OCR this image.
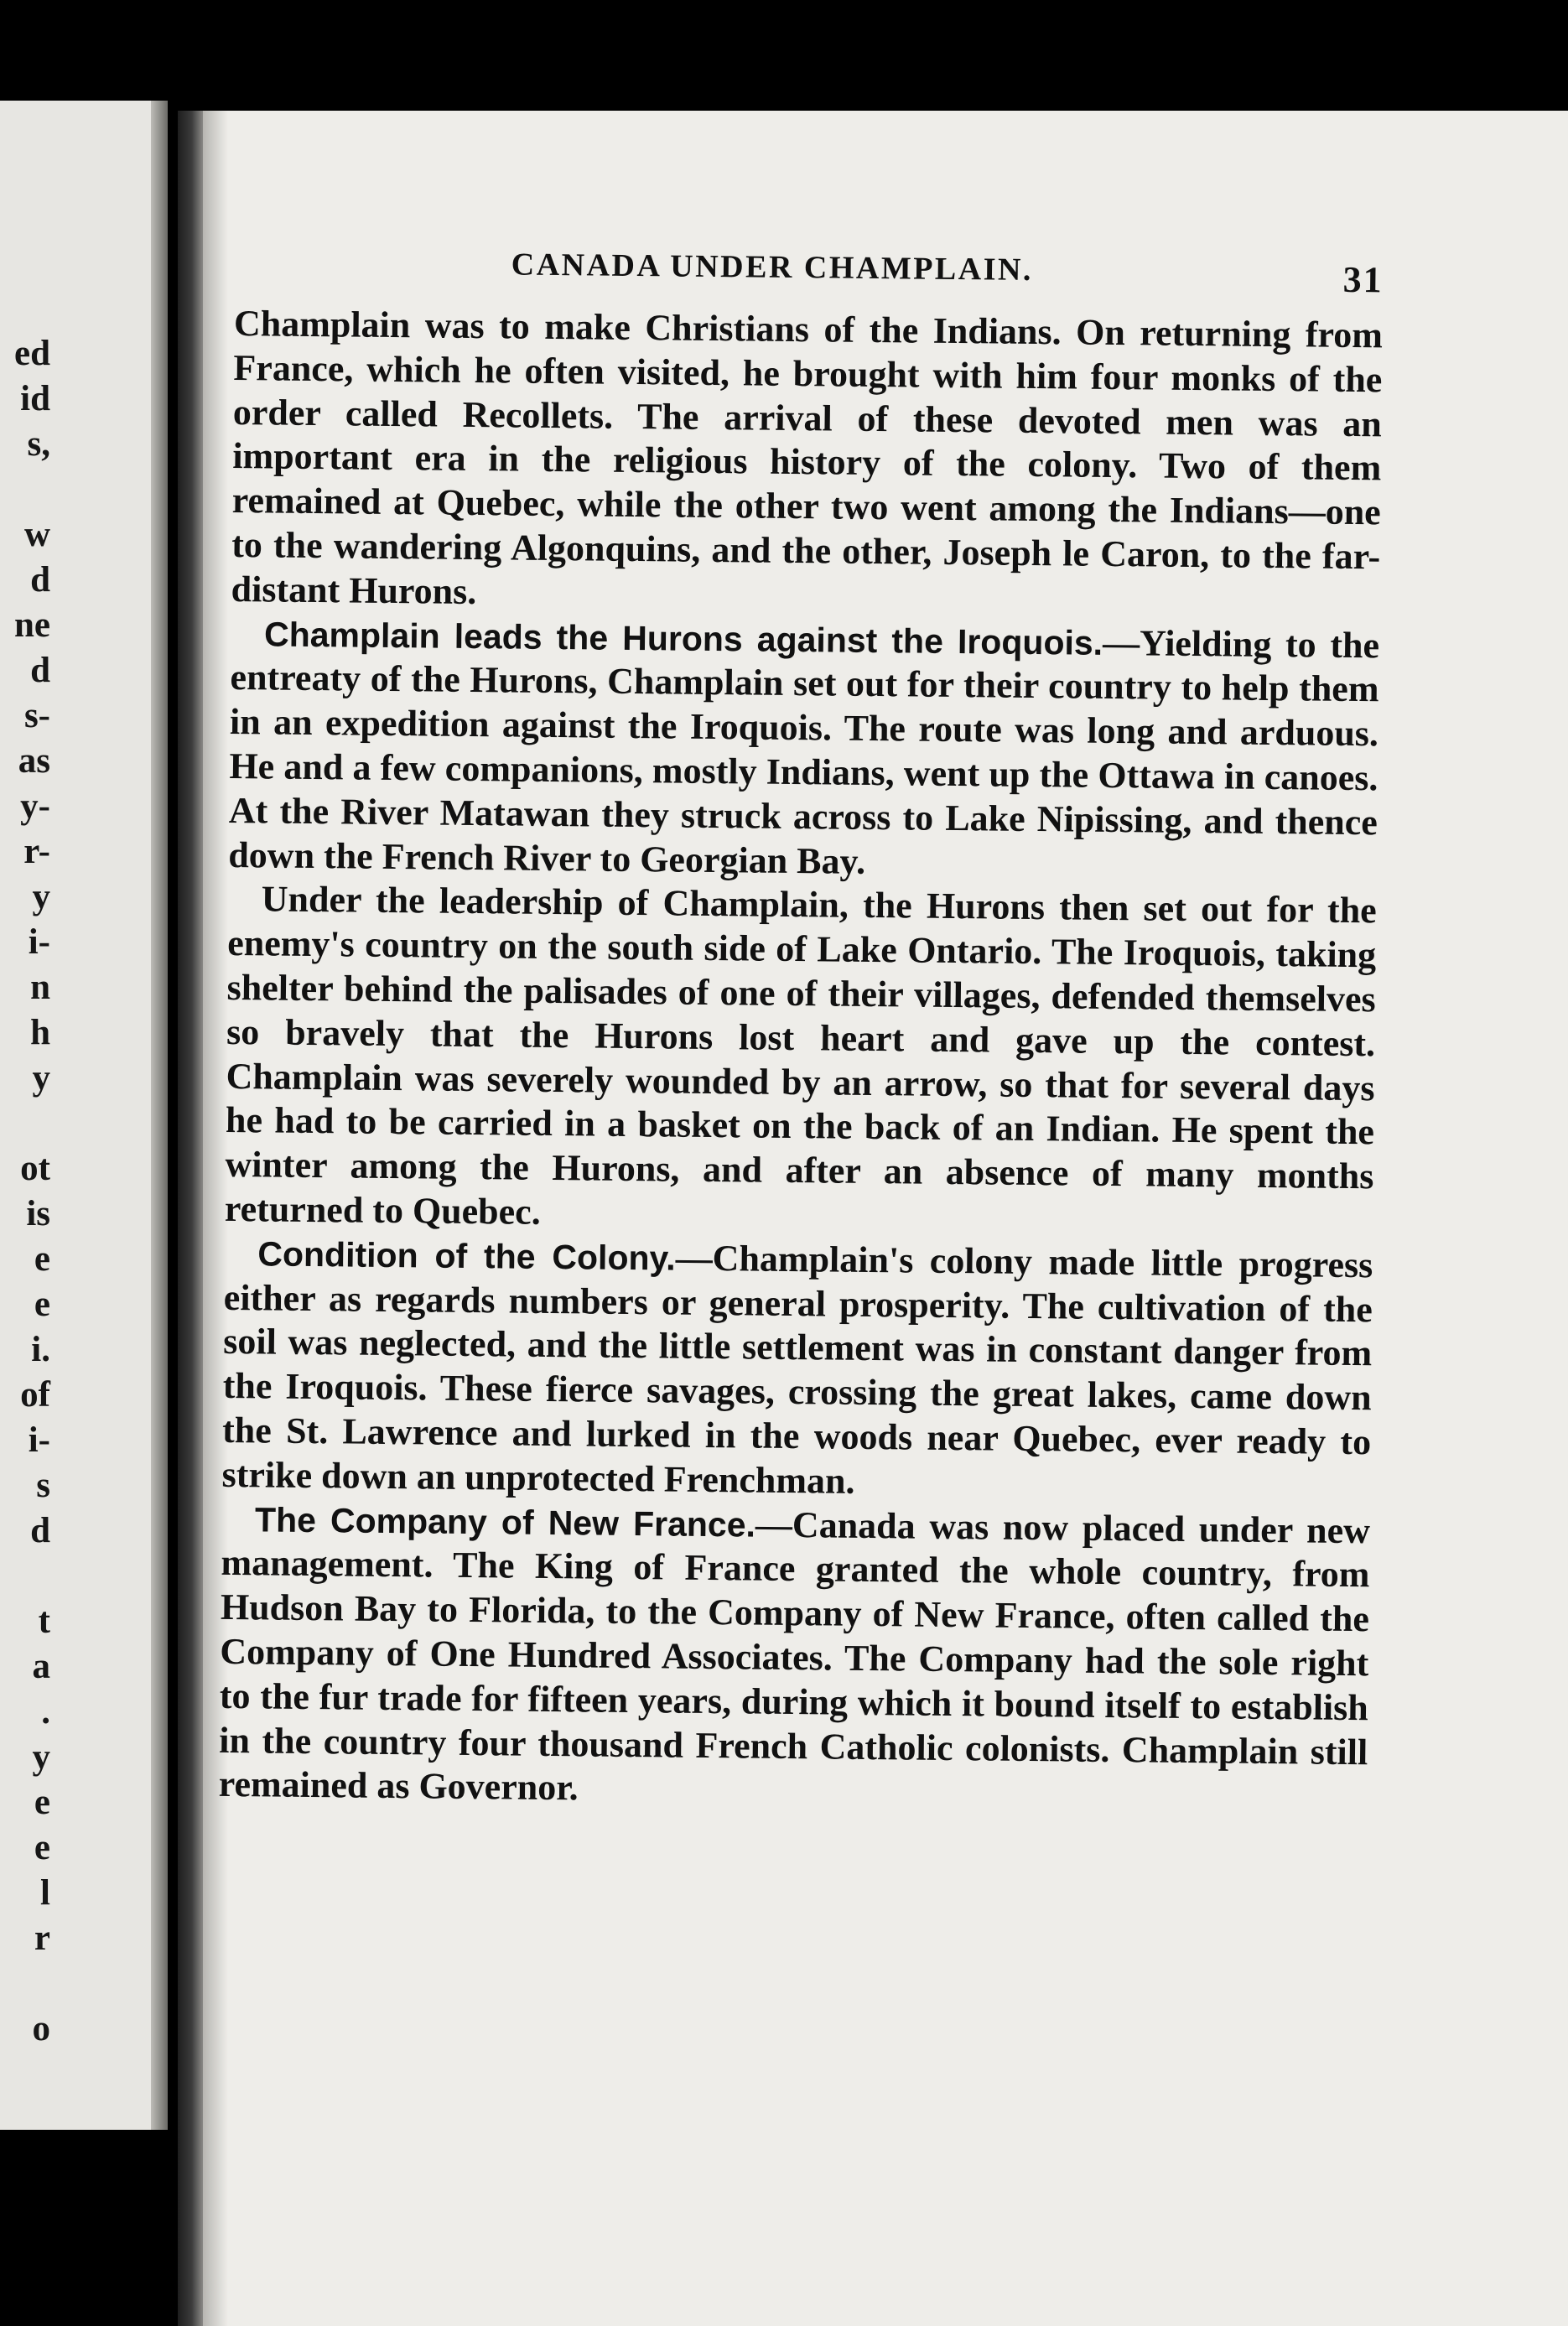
ed
id
s,
w
d
ne
d
s-
as
y-
r-
y
i-
n
h
y
ot
is
e
e
i.
of
i-
s
d
t
a
.
y
e
e
l
r
o
CANADA UNDER CHAMPLAIN.	31

Champlain was to make Christians of the Indians. On returning from France, which he often visited, he brought with him four monks of the order called Recollets. The arrival of these devoted men was an important era in the religious history of the colony. Two of them remained at Quebec, while the other two went among the Indians—one to the wandering Algonquins, and the other, Joseph le Caron, to the far-distant Hurons.

Champlain leads the Hurons against the Iroquois.—Yielding to the entreaty of the Hurons, Champlain set out for their country to help them in an expedition against the Iroquois. The route was long and arduous. He and a few companions, mostly Indians, went up the Ottawa in canoes. At the River Matawan they struck across to Lake Nipissing, and thence down the French River to Georgian Bay.

Under the leadership of Champlain, the Hurons then set out for the enemy's country on the south side of Lake Ontario. The Iroquois, taking shelter behind the palisades of one of their villages, defended themselves so bravely that the Hurons lost heart and gave up the contest. Champlain was severely wounded by an arrow, so that for several days he had to be carried in a basket on the back of an Indian. He spent the winter among the Hurons, and after an absence of many months returned to Quebec.

Condition of the Colony.—Champlain's colony made little progress either as regards numbers or general prosperity. The cultivation of the soil was neglected, and the little settlement was in constant danger from the Iroquois. These fierce savages, crossing the great lakes, came down the St. Lawrence and lurked in the woods near Quebec, ever ready to strike down an unprotected Frenchman.

The Company of New France.—Canada was now placed under new management. The King of France granted the whole country, from Hudson Bay to Florida, to the Company of New France, often called the Company of One Hundred Associates. The Company had the sole right to the fur trade for fifteen years, during which it bound itself to establish in the country four thousand French Catholic colonists. Champlain still remained as Governor.
